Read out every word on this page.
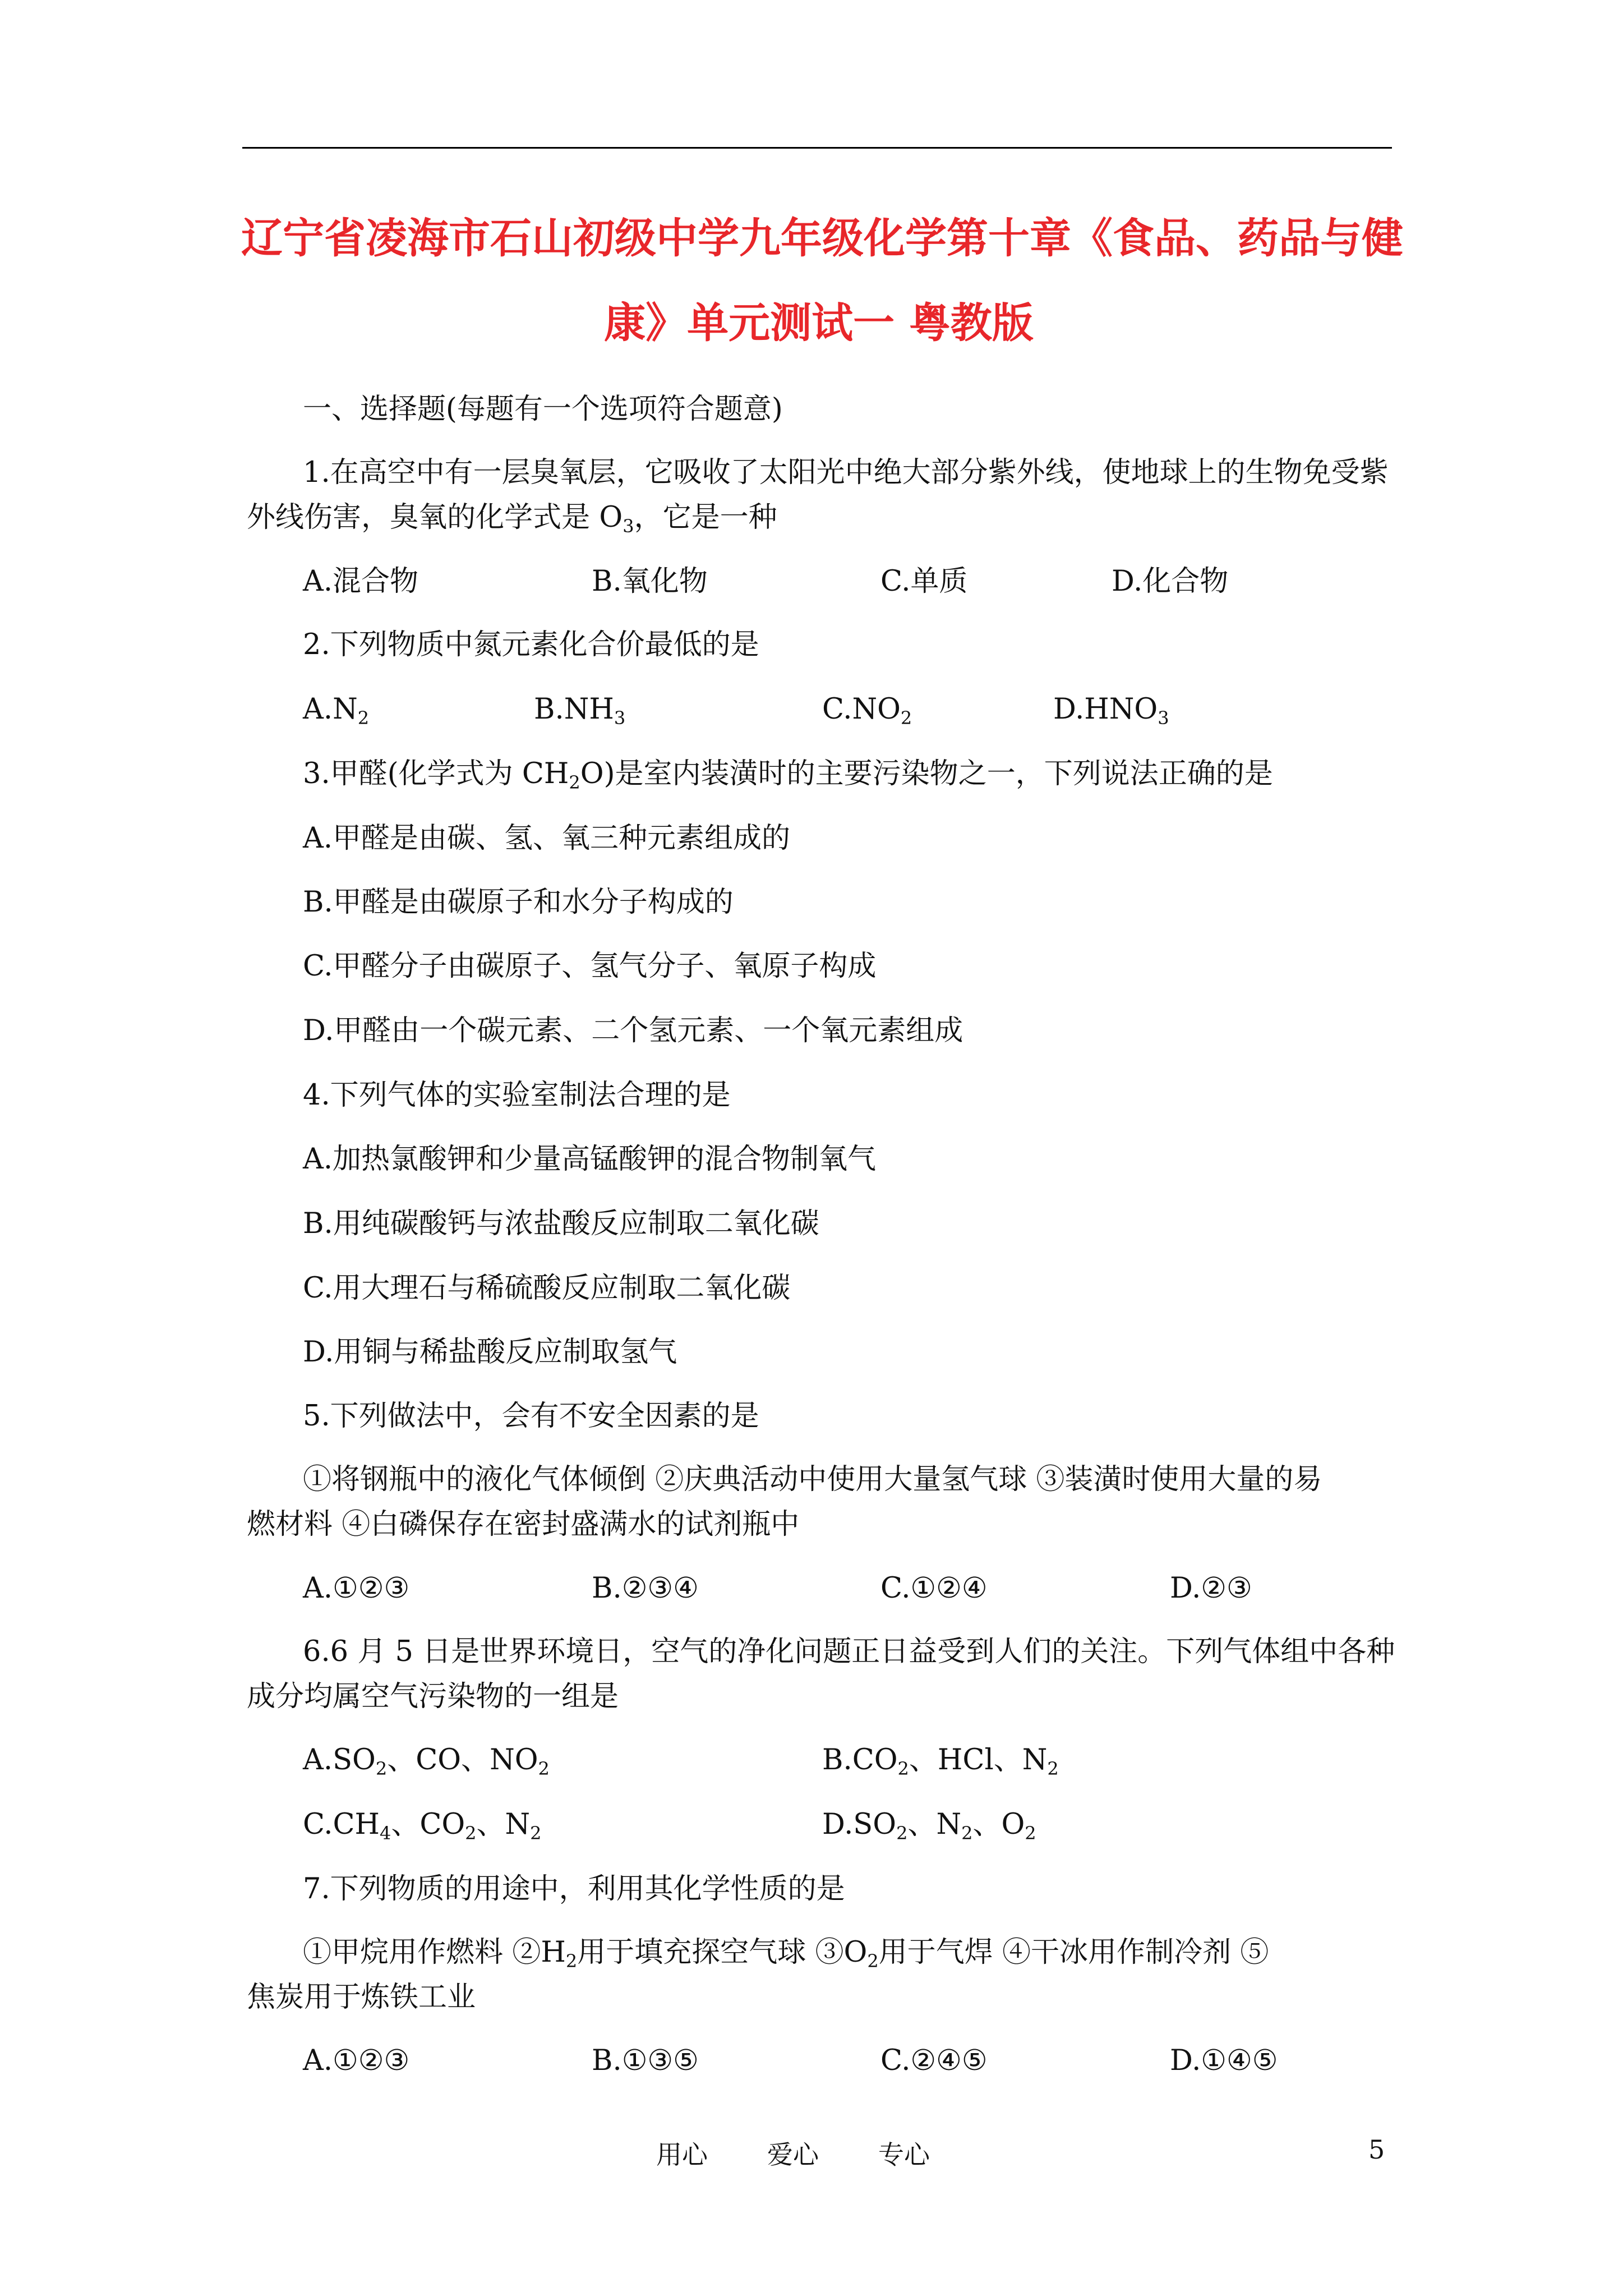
辽宁省凌海市石山初级中学九年级化学第十章《食品、药品与健
康》单元测试一 粤教版
一、选择题(每题有一个选项符合题意)
1.在高空中有一层臭氧层，它吸收了太阳光中绝大部分紫外线，使地球上的生物免受紫
外线伤害，臭氧的化学式是 $O_3$，它是一种
A.混合物	B.氧化物	C.单质	D.化合物
2.下列物质中氮元素化合价最低的是
$A.N_2$	$B.NH_3$	$C.NO_2$	$D.HNO_3$
3.甲醛(化学式为 $CH_2O$)是室内装潢时的主要污染物之一，下列说法正确的是
A.甲醛是由碳、氢、氧三种元素组成的
B.甲醛是由碳原子和水分子构成的
C.甲醛分子由碳原子、氢气分子、氧原子构成
D.甲醛由一个碳元素、二个氢元素、一个氧元素组成
4.下列气体的实验室制法合理的是
A.加热氯酸钾和少量高锰酸钾的混合物制氧气
B.用纯碳酸钙与浓盐酸反应制取二氧化碳
C.用大理石与稀硫酸反应制取二氧化碳
D.用铜与稀盐酸反应制取氢气
5.下列做法中，会有不安全因素的是
①将钢瓶中的液化气体倾倒 ②庆典活动中使用大量氢气球 ③装潢时使用大量的易
燃材料 ④白磷保存在密封盛满水的试剂瓶中
A.①②③	B.②③④	C.①②④	D.②③
6.6 月 5 日是世界环境日，空气的净化问题正日益受到人们的关注。下列气体组中各种
成分均属空气污染物的一组是
$A.SO_2$、CO、$NO_2$	$B.CO_2$、HCl、$N_2$
$C.CH_4$、$CO_2$、$N_2$	$D.SO_2$、$N_2$、$O_2$
7.下列物质的用途中，利用其化学性质的是
①甲烷用作燃料 $②H_2$用于填充探空气球 $③O_2$用于气焊 ④干冰用作制冷剂 ⑤
焦炭用于炼铁工业
A.①②③	B.①③⑤	C.②④⑤	D.①④⑤
用心 爱心 专心	5
